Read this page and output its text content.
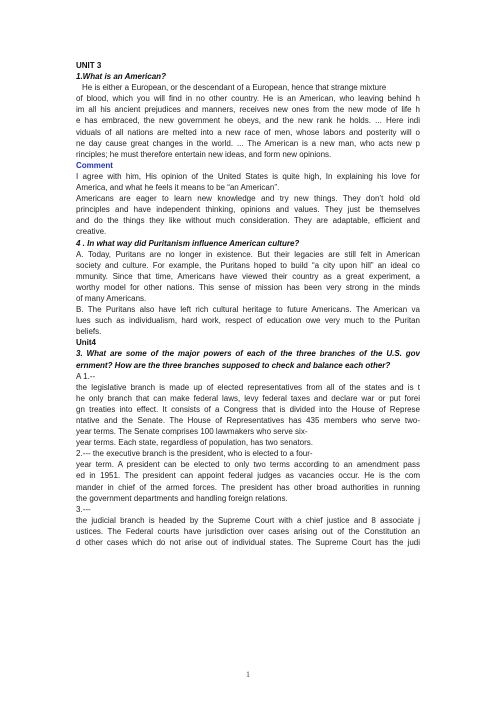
UNIT 3
1.What is an American?
He is either a European, or the descendant of a European, hence that strange mixture
of blood, which you will find in no other country. He is an American, who leaving behind h
im all his ancient prejudices and manners, receives new ones from the new mode of life h
e has embraced, the new government he obeys, and the new rank he holds. ... Here indi
viduals of all nations are melted into a new race of men, whose labors and posterity will o
ne day cause great changes in the world. ... The American is a new man, who acts new p
rinciples; he must therefore entertain new ideas, and form new opinions.
Comment
I agree with him, His opinion of the United States is quite high, In explaining his love for
America, and what he feels it means to be “an American”.
Americans are eager to learn new knowledge and try new things. They don’t hold old
principles and have independent thinking, opinions and values. They just be themselves
and do the things they like without much consideration. They are adaptable, efficient and
creative.
4 . In what way did Puritanism influence American culture?
A. Today, Puritans are no longer in existence. But their legacies are still felt in American
society and culture. For example, the Puritans hoped to build “a city upon hill” an ideal co
mmunity. Since that time, Americans have viewed their country as a great experiment, a
worthy model for other nations. This sense of mission has been very strong in the minds
of many Americans.
B. The Puritans also have left rich cultural heritage to future Americans. The American va
lues such as individualism, hard work, respect of education owe very much to the Puritan
beliefs.
Unit4
3. What are some of the major powers of each of the three branches of the U.S. gov
ernment? How are the three branches supposed to check and balance each other?
A 1.--
the legislative branch is made up of elected representatives from all of the states and is t
he only branch that can make federal laws, levy federal taxes and declare war or put forei
gn treaties into effect. It consists of a Congress that is divided into the House of Represe
ntative and the Senate. The House of Representatives has 435 members who serve two-
year terms. The Senate comprises 100 lawmakers who serve six-
year terms. Each state, regardless of population, has two senators.
2.--- the executive branch is the president, who is elected to a four-
year term. A president can be elected to only two terms according to an amendment pass
ed in 1951. The president can appoint federal judges as vacancies occur. He is the com
mander in chief of the armed forces. The president has other broad authorities in running
the government departments and handling foreign relations.
3.---
the judicial branch is headed by the Supreme Court with a chief justice and 8 associate j
ustices. The Federal courts have jurisdiction over cases arising out of the Constitution an
d other cases which do not arise out of individual states. The Supreme Court has the judi
1
